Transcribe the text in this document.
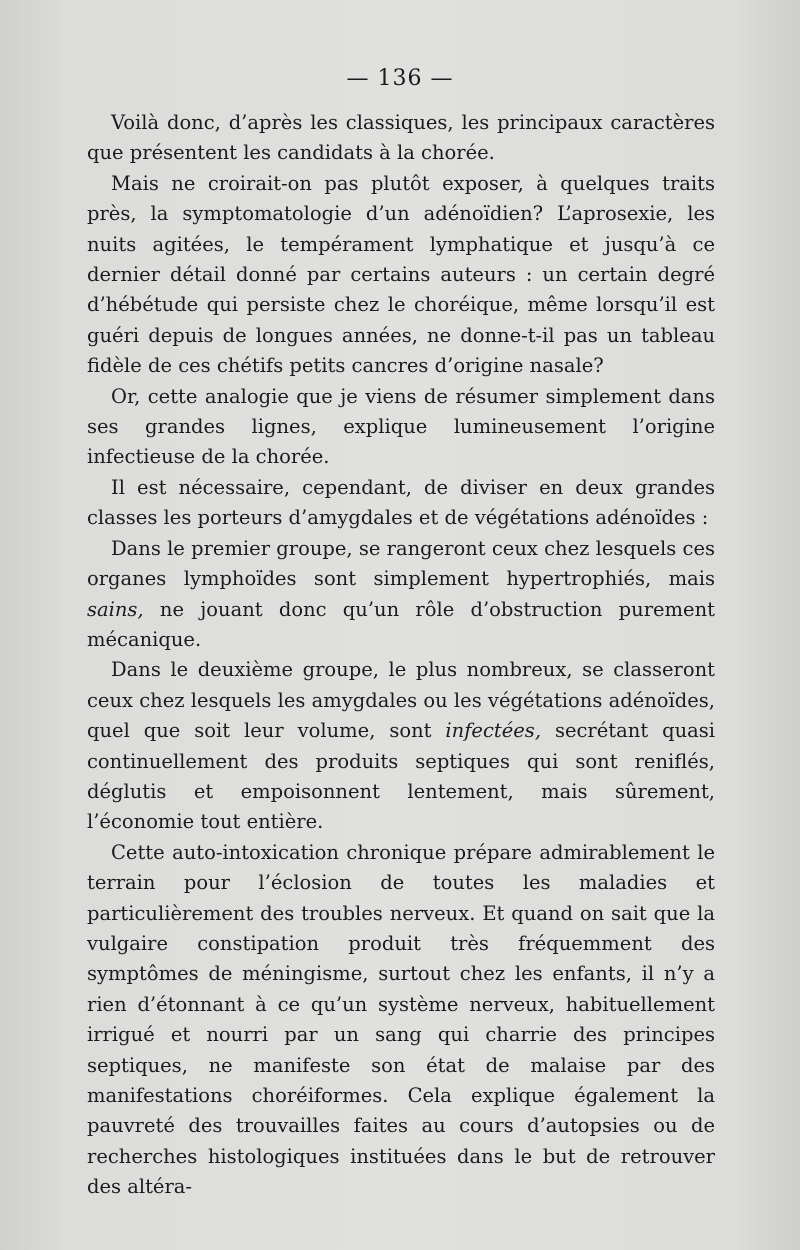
— 136 —

Voilà donc, d’après les classiques, les principaux caractères que présentent les candidats à la chorée.

Mais ne croirait-on pas plutôt exposer, à quelques traits près, la symptomatologie d’un adénoïdien? L’aprosexie, les nuits agitées, le tempérament lymphatique et jusqu’à ce dernier détail donné par certains auteurs : un certain degré d’hébétude qui persiste chez le choréique, même lorsqu’il est guéri depuis de longues années, ne donne-t-il pas un tableau fidèle de ces chétifs petits cancres d’origine nasale?

Or, cette analogie que je viens de résumer simplement dans ses grandes lignes, explique lumineusement l’origine infectieuse de la chorée.

Il est nécessaire, cependant, de diviser en deux grandes classes les porteurs d’amygdales et de végétations adénoïdes :

Dans le premier groupe, se rangeront ceux chez lesquels ces organes lymphoïdes sont simplement hypertrophiés, mais sains, ne jouant donc qu’un rôle d’obstruction purement mécanique.

Dans le deuxième groupe, le plus nombreux, se classeront ceux chez lesquels les amygdales ou les végétations adénoïdes, quel que soit leur volume, sont infectées, secrétant quasi continuellement des produits septiques qui sont reniflés, déglutis et empoisonnent lentement, mais sûrement, l’économie tout entière.

Cette auto-intoxication chronique prépare admirablement le terrain pour l’éclosion de toutes les maladies et particulièrement des troubles nerveux. Et quand on sait que la vulgaire constipation produit très fréquemment des symptômes de méningisme, surtout chez les enfants, il n’y a rien d’étonnant à ce qu’un système nerveux, habituellement irrigué et nourri par un sang qui charrie des principes septiques, ne manifeste son état de malaise par des manifestations choréiformes. Cela explique également la pauvreté des trouvailles faites au cours d’autopsies ou de recherches histologiques instituées dans le but de retrouver des altéra-
